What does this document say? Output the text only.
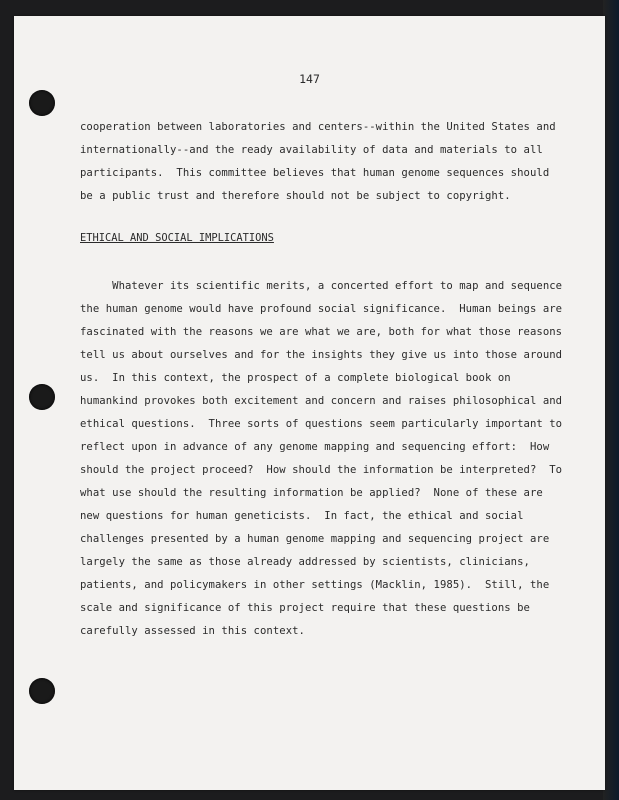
147
cooperation between laboratories and centers--within the United States and
internationally--and the ready availability of data and materials to all
participants.  This committee believes that human genome sequences should
be a public trust and therefore should not be subject to copyright.
ETHICAL AND SOCIAL IMPLICATIONS
Whatever its scientific merits, a concerted effort to map and sequence
the human genome would have profound social significance.  Human beings are
fascinated with the reasons we are what we are, both for what those reasons
tell us about ourselves and for the insights they give us into those around
us.  In this context, the prospect of a complete biological book on
humankind provokes both excitement and concern and raises philosophical and
ethical questions.  Three sorts of questions seem particularly important to
reflect upon in advance of any genome mapping and sequencing effort:  How
should the project proceed?  How should the information be interpreted?  To
what use should the resulting information be applied?  None of these are
new questions for human geneticists.  In fact, the ethical and social
challenges presented by a human genome mapping and sequencing project are
largely the same as those already addressed by scientists, clinicians,
patients, and policymakers in other settings (Macklin, 1985).  Still, the
scale and significance of this project require that these questions be
carefully assessed in this context.
